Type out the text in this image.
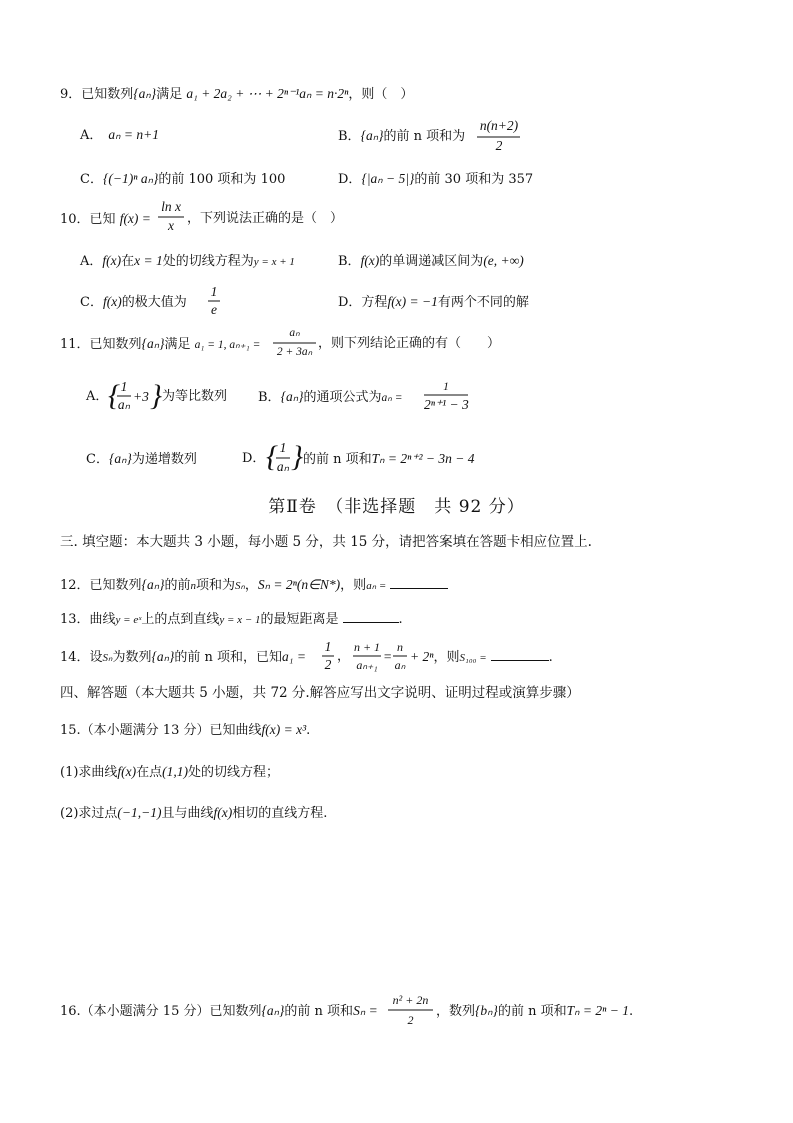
9．已知数列{aₙ}满足 a₁ + 2a₂ + ⋯ + 2ⁿ⁻¹aₙ = n·2ⁿ，则（　）
A． aₙ = n+1	B．{aₙ}的前 n 项和为
n(n+2)
2
C．{(−1)ⁿ aₙ}的前 100 项和为 100	D．{|aₙ − 5|}的前 30 项和为 357
10．已知 f(x) =
ln x
x	，下列说法正确的是（　）
A．f(x)在x = 1处的切线方程为y = x + 1	B．f(x)的单调递减区间为(e, +∞)
C．f(x)的极大值为
1
e	D．方程f(x) = −1有两个不同的解
11．已知数列{aₙ}满足 a₁ = 1, aₙ₊₁ =
aₙ
2 + 3aₙ
，则下列结论正确的有（　　）
A． { 1
aₙ
+3 } 为等比数列 B．{aₙ}的通项公式为aₙ =
1
2ⁿ⁺¹ − 3
C．{aₙ}为递增数列	D． { 1
aₙ } 的前 n 项和Tₙ = 2ⁿ⁺² − 3n − 4
第Ⅱ卷　（非选择题　共 92 分）
三. 填空题：本大题共 3 小题，每小题 5 分，共 15 分，请把答案填在答题卡相应位置上.
12．已知数列{aₙ}的前n项和为Sₙ，Sₙ = 2ⁿ(n∈N*)，则aₙ =
13．曲线y = eˣ上的点到直线y = x − 1的最短距离是	.
14．设Sₙ为数列{aₙ}的前 n 项和，已知a₁ =
1
2
，
n + 1
aₙ₊₁
=
n
aₙ
+ 2ⁿ，则S₁₀₀ =	.
四、解答题（本大题共 5 小题，共 72 分.解答应写出文字说明、证明过程或演算步骤）
15.（本小题满分 13 分）已知曲线f(x) = x³.
(1)求曲线f(x)在点(1,1)处的切线方程；
(2)求过点(−1,−1)且与曲线f(x)相切的直线方程.
16.（本小题满分 15 分）已知数列{aₙ}的前 n 项和Sₙ =
n² + 2n
2
，数列{bₙ}的前 n 项和Tₙ = 2ⁿ − 1.
